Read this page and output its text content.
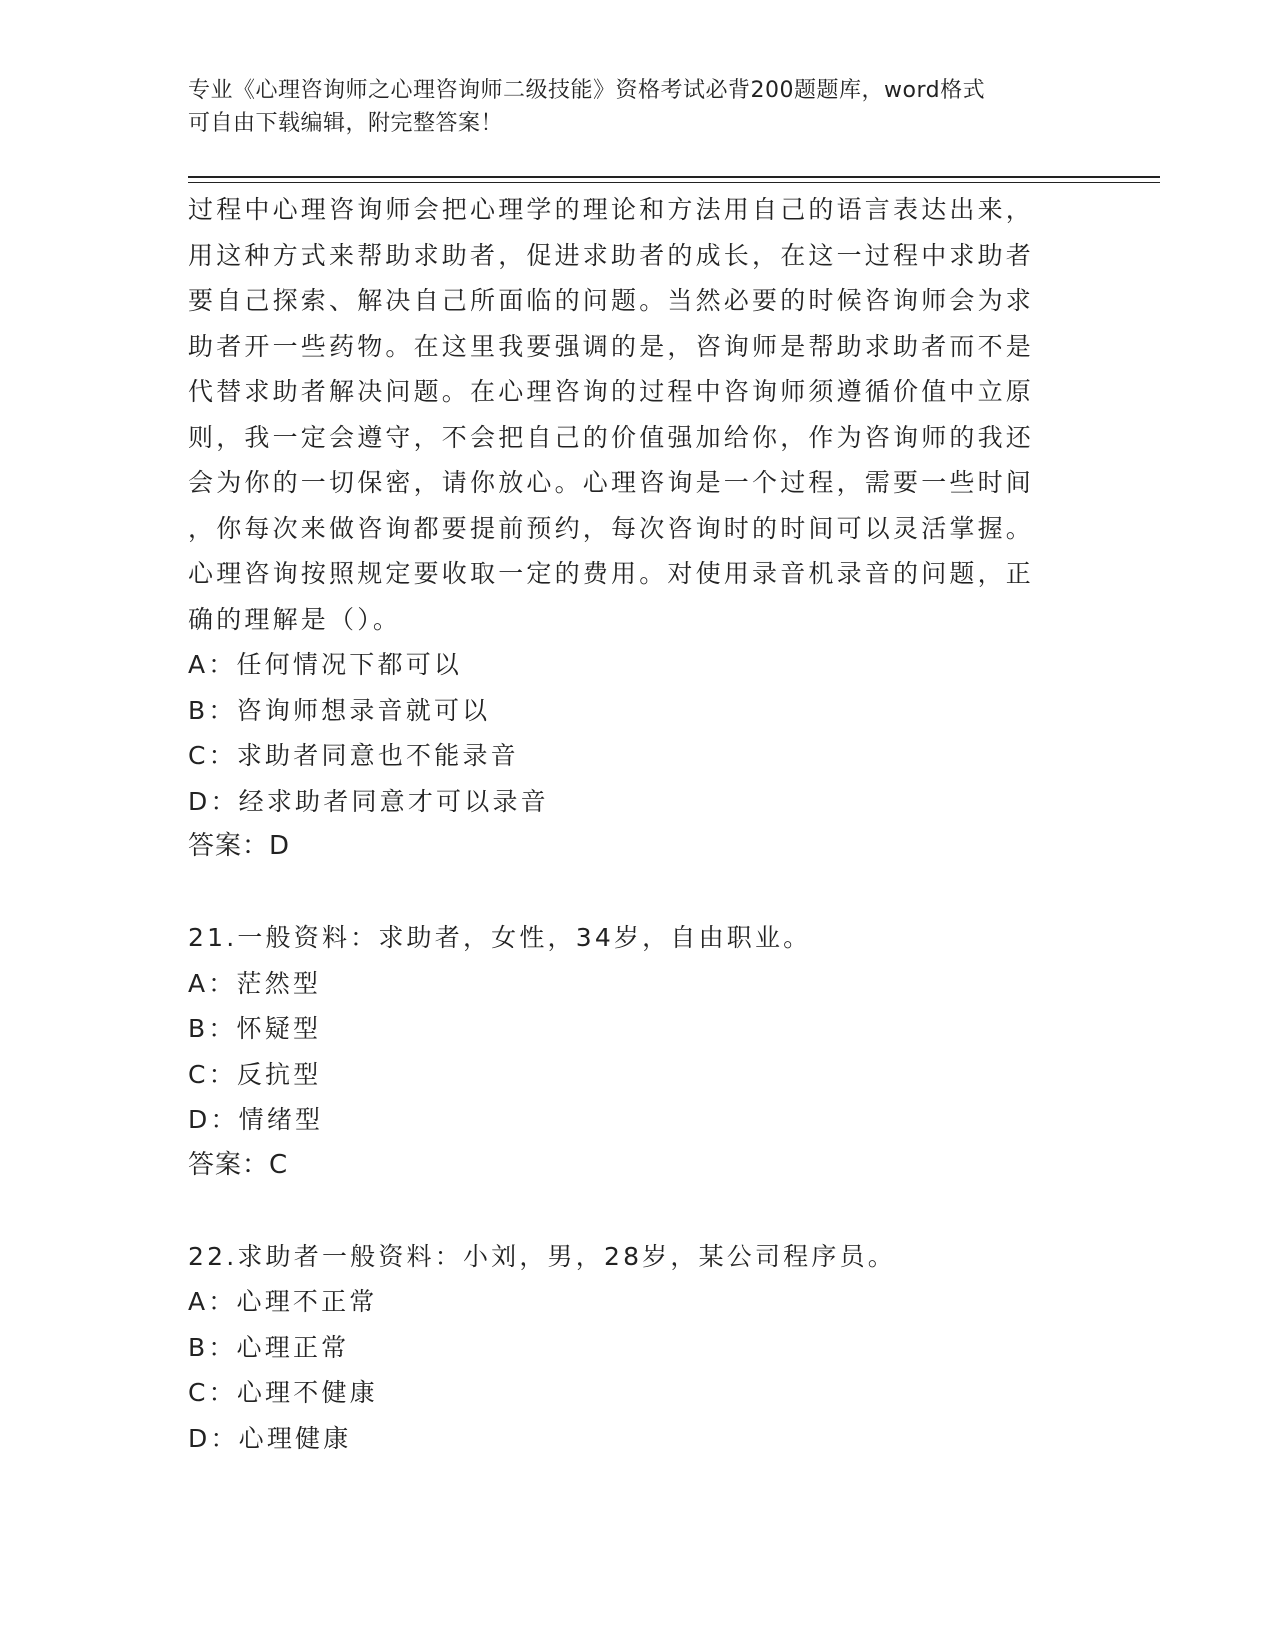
专业《心理咨询师之心理咨询师二级技能》资格考试必背200题题库，word格式
可自由下载编辑，附完整答案！
过程中心理咨询师会把心理学的理论和方法用自己的语言表达出来，
用这种方式来帮助求助者，促进求助者的成长，在这一过程中求助者
要自己探索、解决自己所面临的问题。当然必要的时候咨询师会为求
助者开一些药物。在这里我要强调的是，咨询师是帮助求助者而不是
代替求助者解决问题。在心理咨询的过程中咨询师须遵循价值中立原
则，我一定会遵守，不会把自己的价值强加给你，作为咨询师的我还
会为你的一切保密，请你放心。心理咨询是一个过程，需要一些时间
，你每次来做咨询都要提前预约，每次咨询时的时间可以灵活掌握。
心理咨询按照规定要收取一定的费用。对使用录音机录音的问题，正
确的理解是（）。
A：任何情况下都可以
B：咨询师想录音就可以
C：求助者同意也不能录音
D：经求助者同意才可以录音
答案：D
21.一般资料：求助者，女性，34岁，自由职业。
A：茫然型
B：怀疑型
C：反抗型
D：情绪型
答案：C
22.求助者一般资料：小刘，男，28岁，某公司程序员。
A：心理不正常
B：心理正常
C：心理不健康
D：心理健康
